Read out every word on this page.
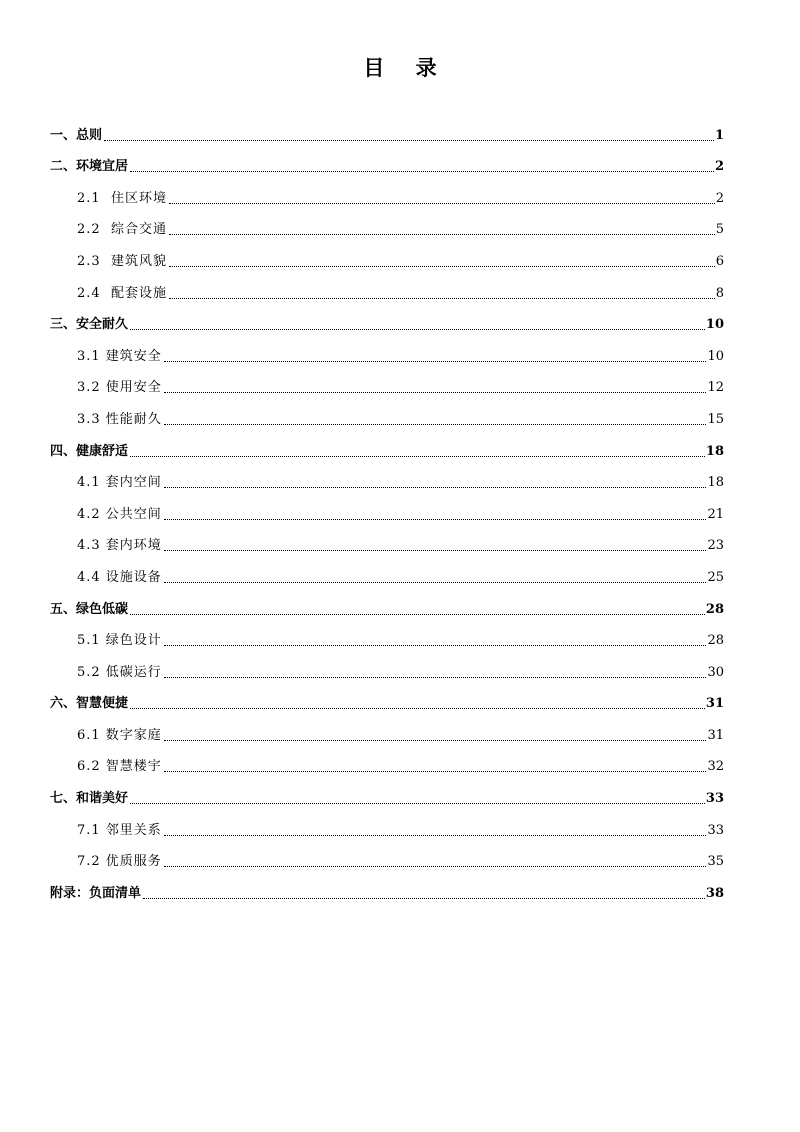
目 录
一、总则	1
二、环境宜居	2
2.1  住区环境	2
2.2  综合交通	5
2.3  建筑风貌	6
2.4  配套设施	8
三、安全耐久	10
3.1 建筑安全	10
3.2 使用安全	12
3.3 性能耐久	15
四、健康舒适	18
4.1 套内空间	18
4.2 公共空间	21
4.3 套内环境	23
4.4 设施设备	25
五、绿色低碳	28
5.1 绿色设计	28
5.2 低碳运行	30
六、智慧便捷	31
6.1 数字家庭	31
6.2 智慧楼宇	32
七、和谐美好	33
7.1 邻里关系	33
7.2 优质服务	35
附录：负面清单	38
